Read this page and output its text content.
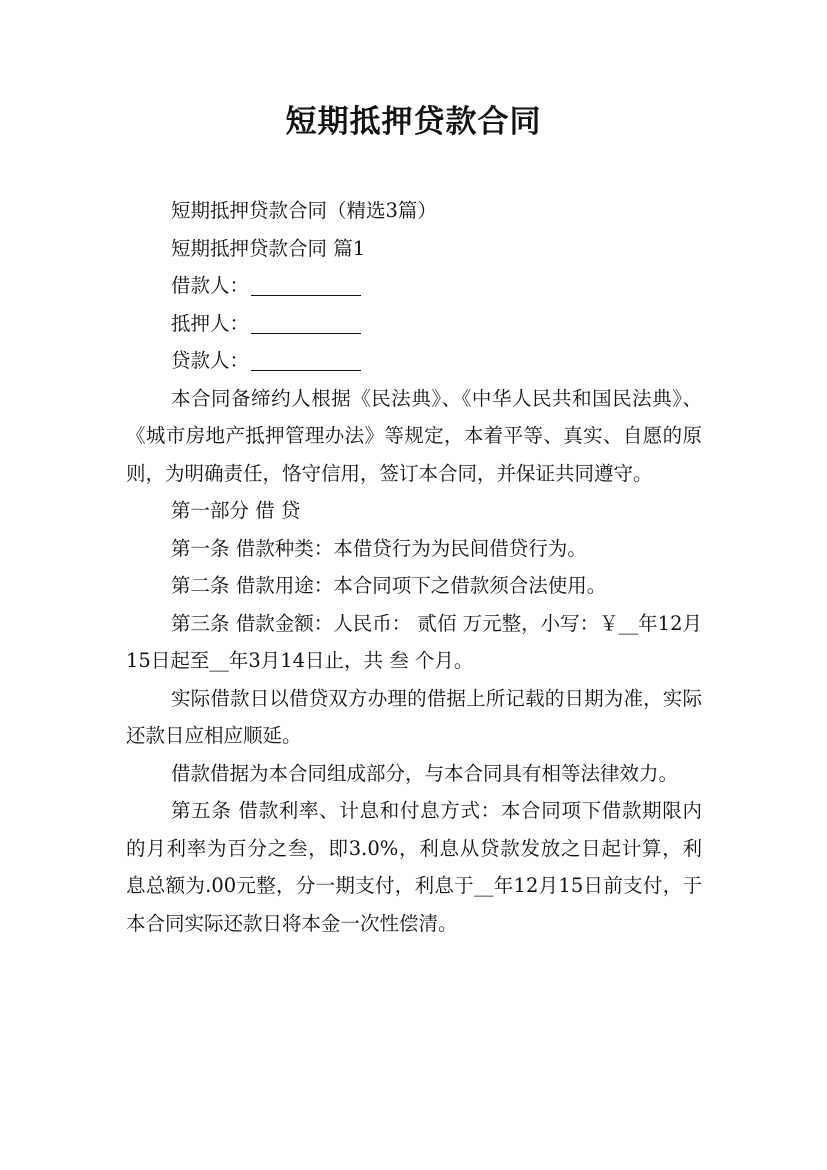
短期抵押贷款合同

短期抵押贷款合同（精选3篇）

短期抵押贷款合同 篇1

借款人：

抵押人：

贷款人：

本合同备缔约人根据《民法典》、《中华人民共和国民法典》、《城市房地产抵押管理办法》等规定，本着平等、真实、自愿的原则，为明确责任，恪守信用，签订本合同，并保证共同遵守。

第一部分 借 贷

第一条 借款种类：本借贷行为为民间借贷行为。

第二条 借款用途：本合同项下之借款须合法使用。

第三条 借款金额：人民币： 贰佰 万元整，小写：￥__年12月15日起至__年3月14日止，共 叁 个月。

实际借款日以借贷双方办理的借据上所记载的日期为准，实际还款日应相应顺延。

借款借据为本合同组成部分，与本合同具有相等法律效力。

第五条 借款利率、计息和付息方式：本合同项下借款期限内的月利率为百分之叁，即3.0%，利息从贷款发放之日起计算，利息总额为.00元整，分一期支付，利息于__年12月15日前支付，于本合同实际还款日将本金一次性偿清。
